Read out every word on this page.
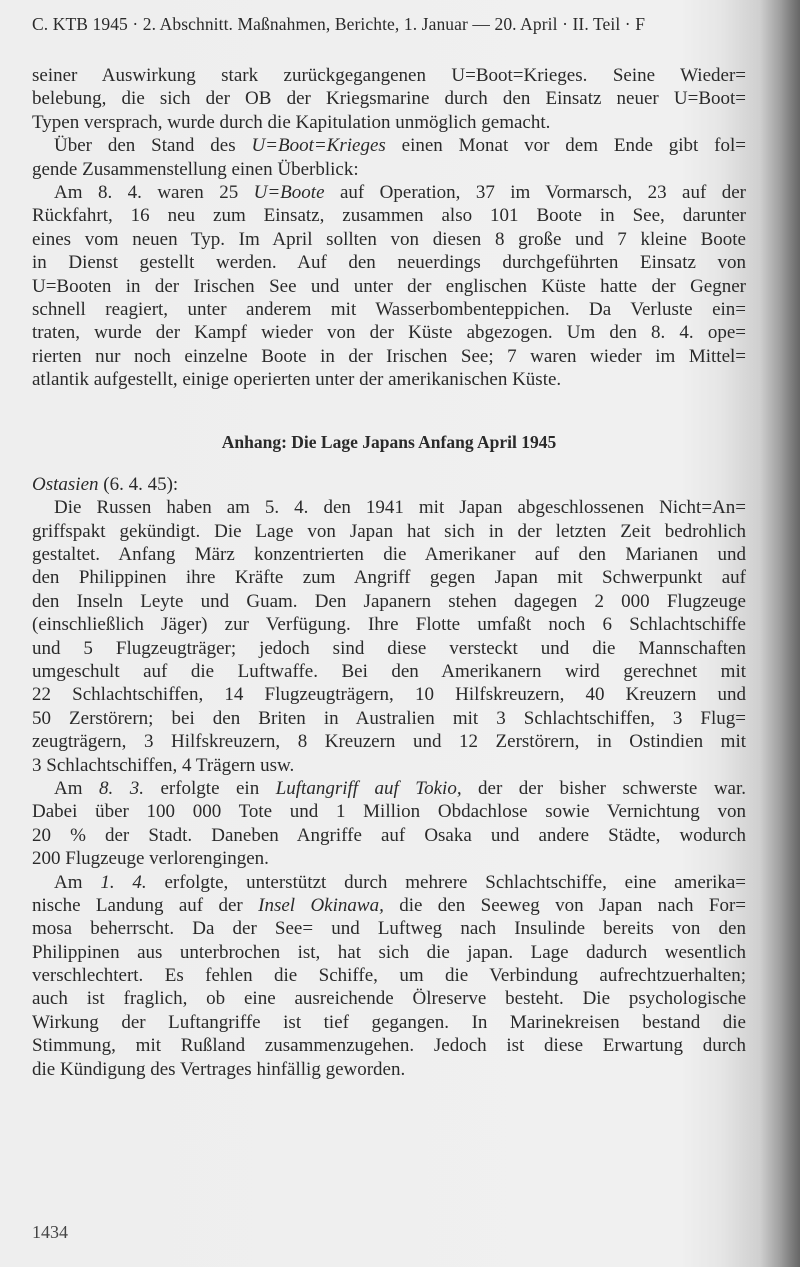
C. KTB 1945 · 2. Abschnitt. Maßnahmen, Berichte, 1. Januar — 20. April · II. Teil · F
seiner Auswirkung stark zurückgegangenen U=Boot=Krieges. Seine Wieder=
belebung, die sich der OB der Kriegsmarine durch den Einsatz neuer U=Boot=
Typen versprach, wurde durch die Kapitulation unmöglich gemacht.
Über den Stand des U=Boot=Krieges einen Monat vor dem Ende gibt fol=
gende Zusammenstellung einen Überblick:
Am 8. 4. waren 25 U=Boote auf Operation, 37 im Vormarsch, 23 auf der
Rückfahrt, 16 neu zum Einsatz, zusammen also 101 Boote in See, darunter
eines vom neuen Typ. Im April sollten von diesen 8 große und 7 kleine Boote
in Dienst gestellt werden. Auf den neuerdings durchgeführten Einsatz von
U=Booten in der Irischen See und unter der englischen Küste hatte der Gegner
schnell reagiert, unter anderem mit Wasserbombenteppichen. Da Verluste ein=
traten, wurde der Kampf wieder von der Küste abgezogen. Um den 8. 4. ope=
rierten nur noch einzelne Boote in der Irischen See; 7 waren wieder im Mittel=
atlantik aufgestellt, einige operierten unter der amerikanischen Küste.
Anhang: Die Lage Japans Anfang April 1945
Ostasien (6. 4. 45):
Die Russen haben am 5. 4. den 1941 mit Japan abgeschlossenen Nicht=An=
griffspakt gekündigt. Die Lage von Japan hat sich in der letzten Zeit bedrohlich
gestaltet. Anfang März konzentrierten die Amerikaner auf den Marianen und
den Philippinen ihre Kräfte zum Angriff gegen Japan mit Schwerpunkt auf
den Inseln Leyte und Guam. Den Japanern stehen dagegen 2 000 Flugzeuge
(einschließlich Jäger) zur Verfügung. Ihre Flotte umfaßt noch 6 Schlachtschiffe
und 5 Flugzeugträger; jedoch sind diese versteckt und die Mannschaften
umgeschult auf die Luftwaffe. Bei den Amerikanern wird gerechnet mit
22 Schlachtschiffen, 14 Flugzeugträgern, 10 Hilfskreuzern, 40 Kreuzern und
50 Zerstörern; bei den Briten in Australien mit 3 Schlachtschiffen, 3 Flug=
zeugträgern, 3 Hilfskreuzern, 8 Kreuzern und 12 Zerstörern, in Ostindien mit
3 Schlachtschiffen, 4 Trägern usw.
Am 8. 3. erfolgte ein Luftangriff auf Tokio, der der bisher schwerste war.
Dabei über 100 000 Tote und 1 Million Obdachlose sowie Vernichtung von
20 % der Stadt. Daneben Angriffe auf Osaka und andere Städte, wodurch
200 Flugzeuge verlorengingen.
Am 1. 4. erfolgte, unterstützt durch mehrere Schlachtschiffe, eine amerika=
nische Landung auf der Insel Okinawa, die den Seeweg von Japan nach For=
mosa beherrscht. Da der See= und Luftweg nach Insulinde bereits von den
Philippinen aus unterbrochen ist, hat sich die japan. Lage dadurch wesentlich
verschlechtert. Es fehlen die Schiffe, um die Verbindung aufrechtzuerhalten;
auch ist fraglich, ob eine ausreichende Ölreserve besteht. Die psychologische
Wirkung der Luftangriffe ist tief gegangen. In Marinekreisen bestand die
Stimmung, mit Rußland zusammenzugehen. Jedoch ist diese Erwartung durch
die Kündigung des Vertrages hinfällig geworden.
1434
